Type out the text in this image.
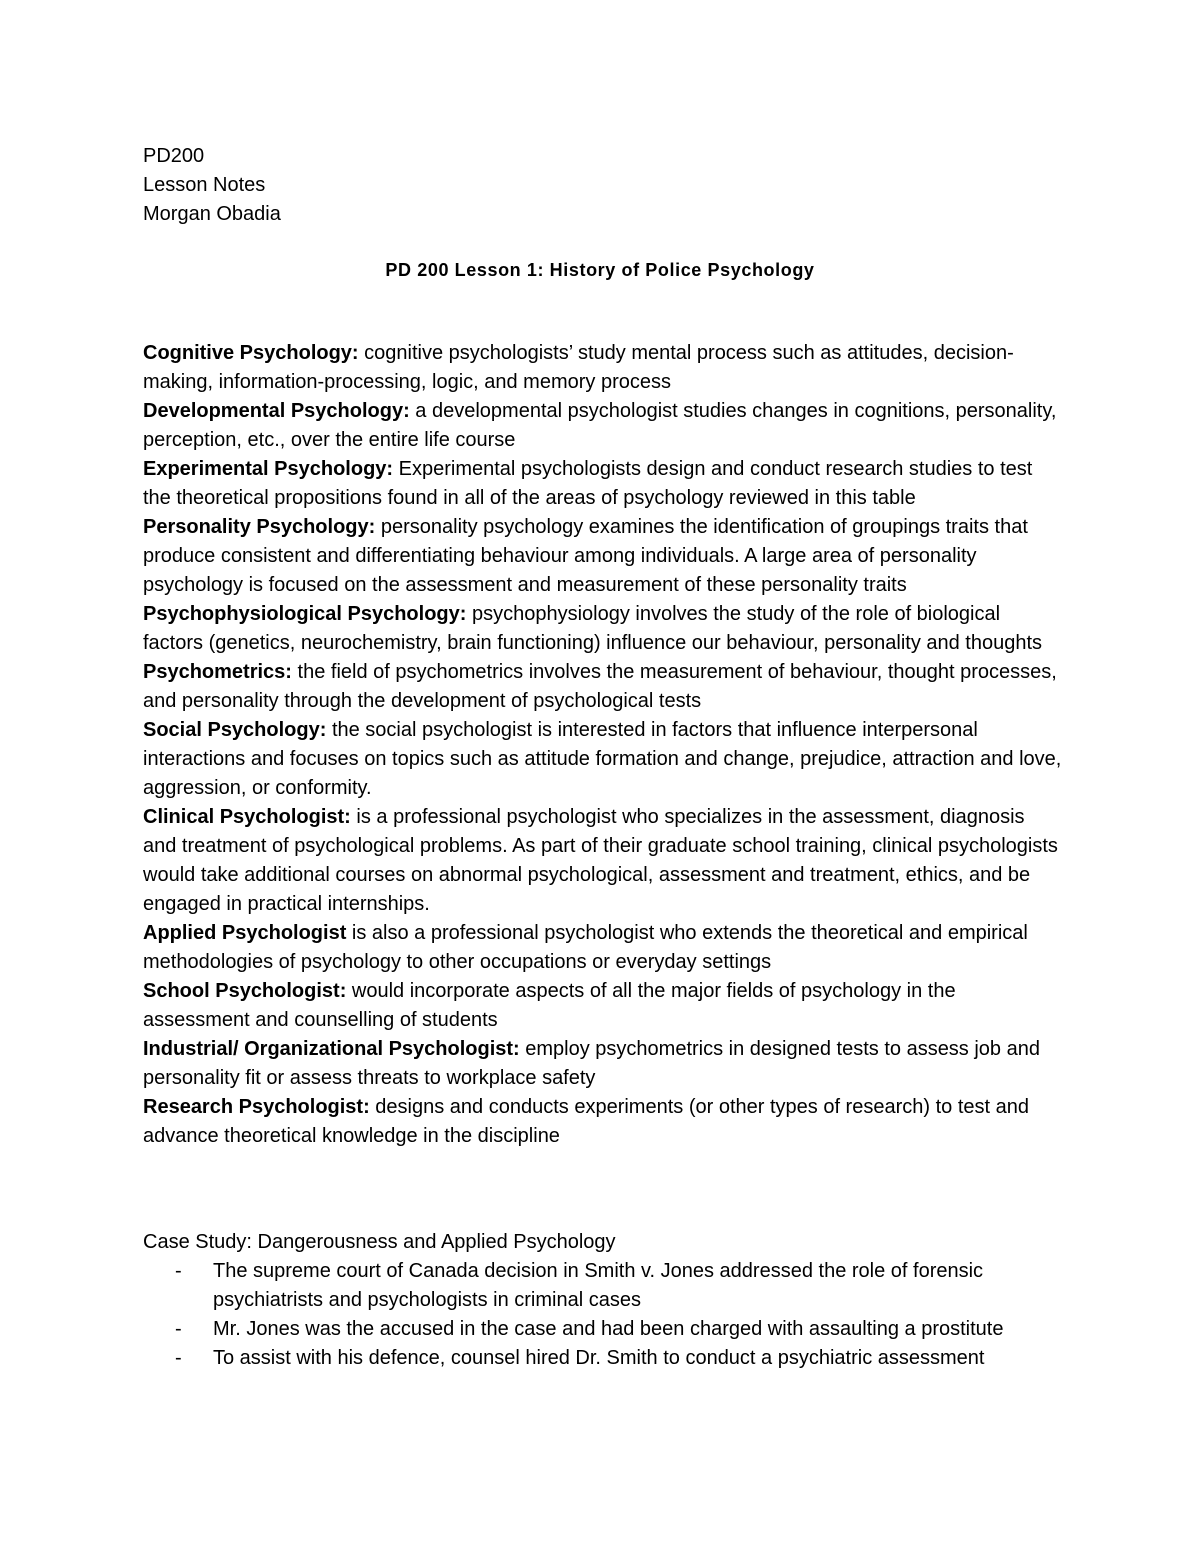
PD200
Lesson Notes
Morgan Obadia
PD 200 Lesson 1: History of Police Psychology

Cognitive Psychology: cognitive psychologists’ study mental process such as attitudes, decision-making, information-processing, logic, and memory process

Developmental Psychology: a developmental psychologist studies changes in cognitions, personality, perception, etc., over the entire life course

Experimental Psychology: Experimental psychologists design and conduct research studies to test the theoretical propositions found in all of the areas of psychology reviewed in this table

Personality Psychology: personality psychology examines the identification of groupings traits that produce consistent and differentiating behaviour among individuals. A large area of personality psychology is focused on the assessment and measurement of these personality traits

Psychophysiological Psychology: psychophysiology involves the study of the role of biological factors (genetics, neurochemistry, brain functioning) influence our behaviour, personality and thoughts

Psychometrics: the field of psychometrics involves the measurement of behaviour, thought processes, and personality through the development of psychological tests

Social Psychology: the social psychologist is interested in factors that influence interpersonal interactions and focuses on topics such as attitude formation and change, prejudice, attraction and love, aggression, or conformity.

Clinical Psychologist: is a professional psychologist who specializes in the assessment, diagnosis and treatment of psychological problems. As part of their graduate school training, clinical psychologists would take additional courses on abnormal psychological, assessment and treatment, ethics, and be engaged in practical internships.

Applied Psychologist is also a professional psychologist who extends the theoretical and empirical methodologies of psychology to other occupations or everyday settings

School Psychologist: would incorporate aspects of all the major fields of psychology in the assessment and counselling of students

Industrial/ Organizational Psychologist: employ psychometrics in designed tests to assess job and personality fit or assess threats to workplace safety

Research Psychologist: designs and conducts experiments (or other types of research) to test and advance theoretical knowledge in the discipline

Case Study: Dangerousness and Applied Psychology
- The supreme court of Canada decision in Smith v. Jones addressed the role of forensic psychiatrists and psychologists in criminal cases
- Mr. Jones was the accused in the case and had been charged with assaulting a prostitute
- To assist with his defence, counsel hired Dr. Smith to conduct a psychiatric assessment
